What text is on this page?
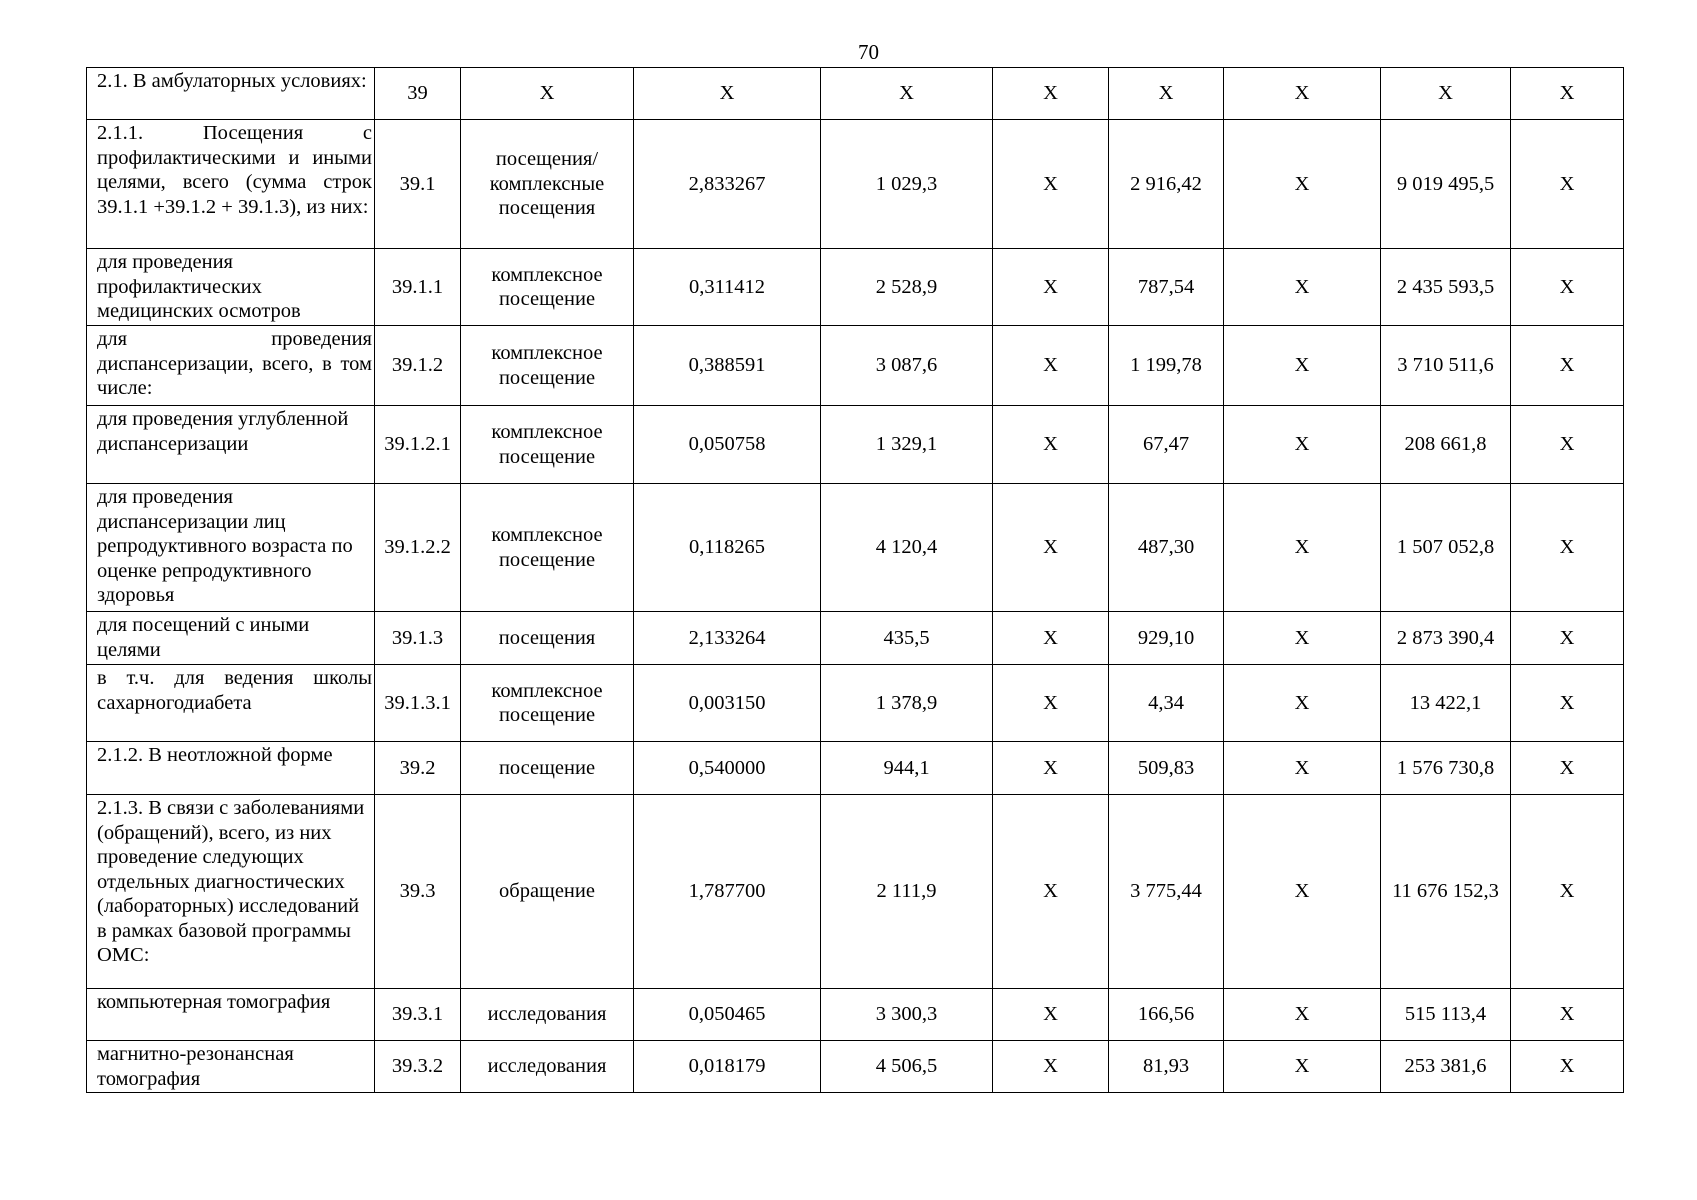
70
2.1. В амбулаторных условиях:	39	Х	Х	Х	Х	Х	Х	Х	Х
2.1.1. Посещения с профилактическими и иными целями, всего (сумма строк 39.1.1 +39.1.2 + 39.1.3), из них:	39.1	посещения/ комплексные посещения	2,833267	1 029,3	Х	2 916,42	Х	9 019 495,5	Х
для проведения профилактических медицинских осмотров	39.1.1	комплексное посещение	0,311412	2 528,9	Х	787,54	Х	2 435 593,5	Х
для проведения диспансеризации, всего, в том числе:	39.1.2	комплексное посещение	0,388591	3 087,6	Х	1 199,78	Х	3 710 511,6	Х
для проведения углубленной диспансеризации	39.1.2.1	комплексное посещение	0,050758	1 329,1	Х	67,47	Х	208 661,8	Х
для проведения диспансеризации лиц репродуктивного возраста по оценке репродуктивного здоровья	39.1.2.2	комплексное посещение	0,118265	4 120,4	Х	487,30	Х	1 507 052,8	Х
для посещений с иными целями	39.1.3	посещения	2,133264	435,5	Х	929,10	Х	2 873 390,4	Х
в т.ч. для ведения школы сахарногодиабета	39.1.3.1	комплексное посещение	0,003150	1 378,9	Х	4,34	Х	13 422,1	Х
2.1.2. В неотложной форме	39.2	посещение	0,540000	944,1	Х	509,83	Х	1 576 730,8	Х
2.1.3. В связи с заболеваниями (обращений), всего, из них проведение следующих отдельных диагностических (лабораторных) исследований в рамках базовой программы ОМС:	39.3	обращение	1,787700	2 111,9	Х	3 775,44	Х	11 676 152,3	Х
компьютерная томография	39.3.1	исследования	0,050465	3 300,3	Х	166,56	Х	515 113,4	Х
магнитно-резонансная томография	39.3.2	исследования	0,018179	4 506,5	Х	81,93	Х	253 381,6	Х
